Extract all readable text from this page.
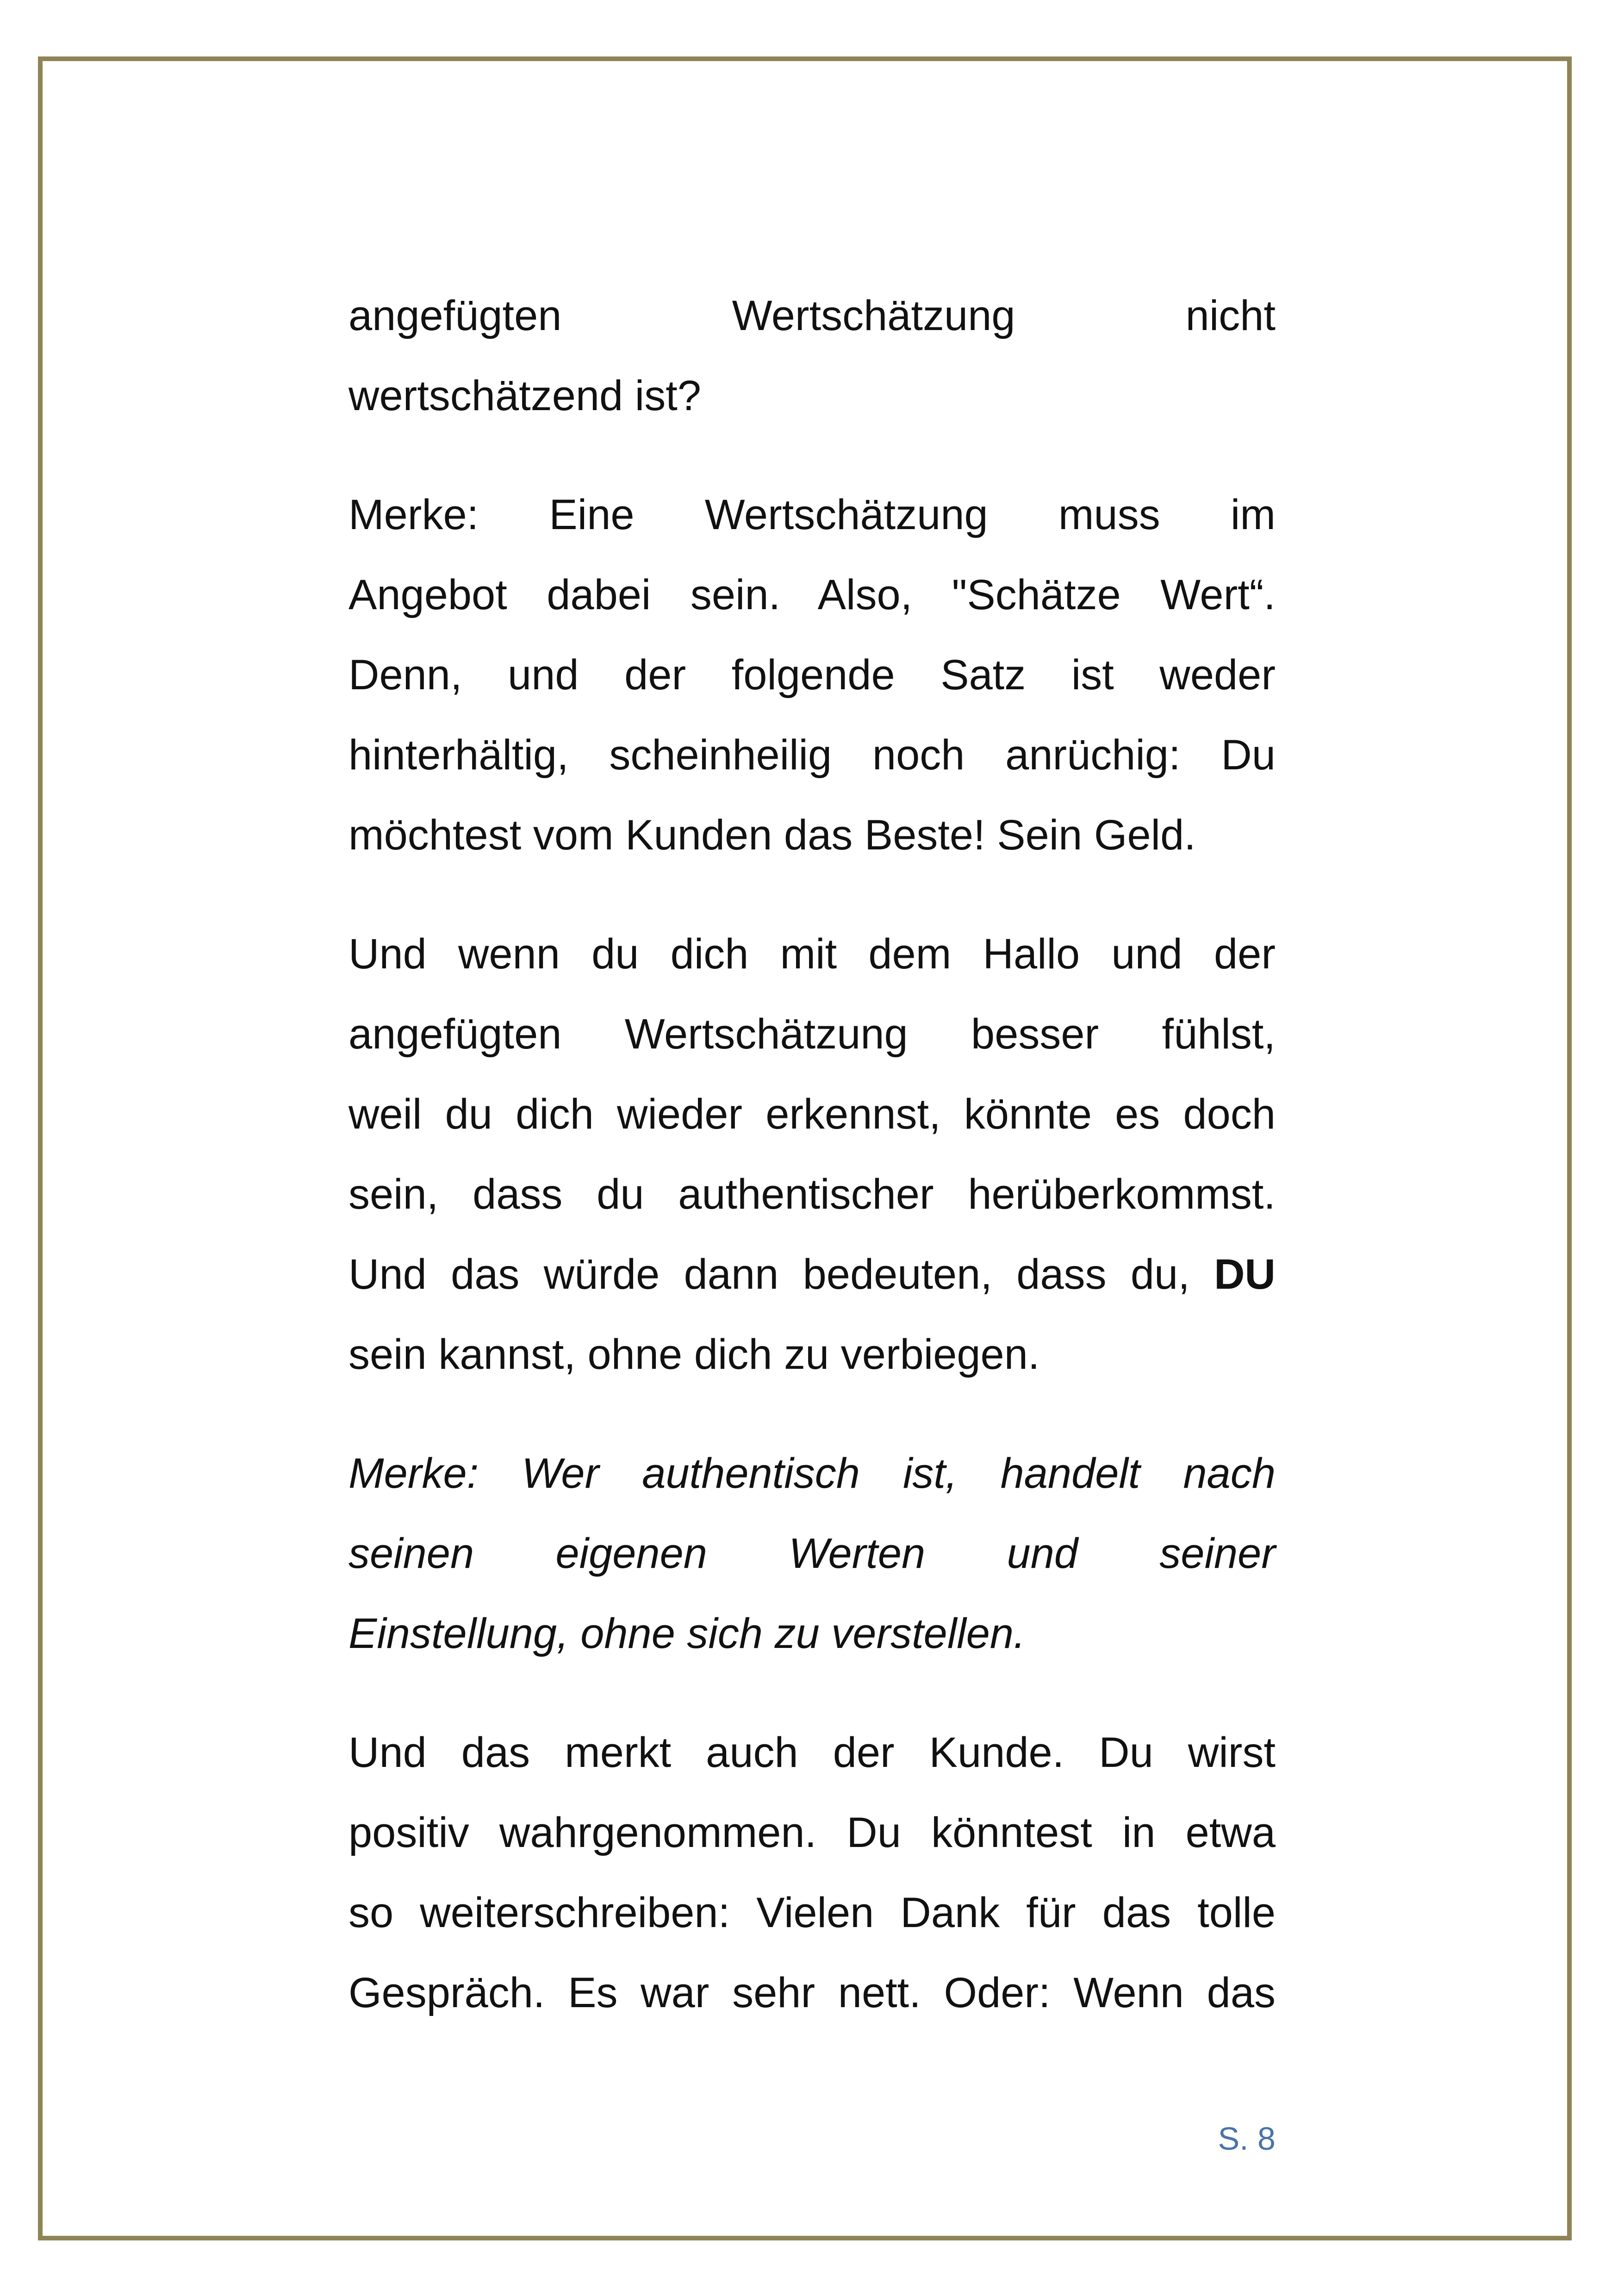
angefügten Wertschätzung nicht
wertschätzend ist?

Merke: Eine Wertschätzung muss im
Angebot dabei sein. Also, "Schätze Wert“.
Denn, und der folgende Satz ist weder
hinterhältig, scheinheilig noch anrüchig: Du
möchtest vom Kunden das Beste! Sein Geld.

Und wenn du dich mit dem Hallo und der
angefügten Wertschätzung besser fühlst,
weil du dich wieder erkennst, könnte es doch
sein, dass du authentischer herüberkommst.
Und das würde dann bedeuten, dass du, DU
sein kannst, ohne dich zu verbiegen.

Merke: Wer authentisch ist, handelt nach
seinen eigenen Werten und seiner
Einstellung, ohne sich zu verstellen.

Und das merkt auch der Kunde. Du wirst
positiv wahrgenommen. Du könntest in etwa
so weiterschreiben: Vielen Dank für das tolle
Gespräch. Es war sehr nett. Oder: Wenn das

S. 8
